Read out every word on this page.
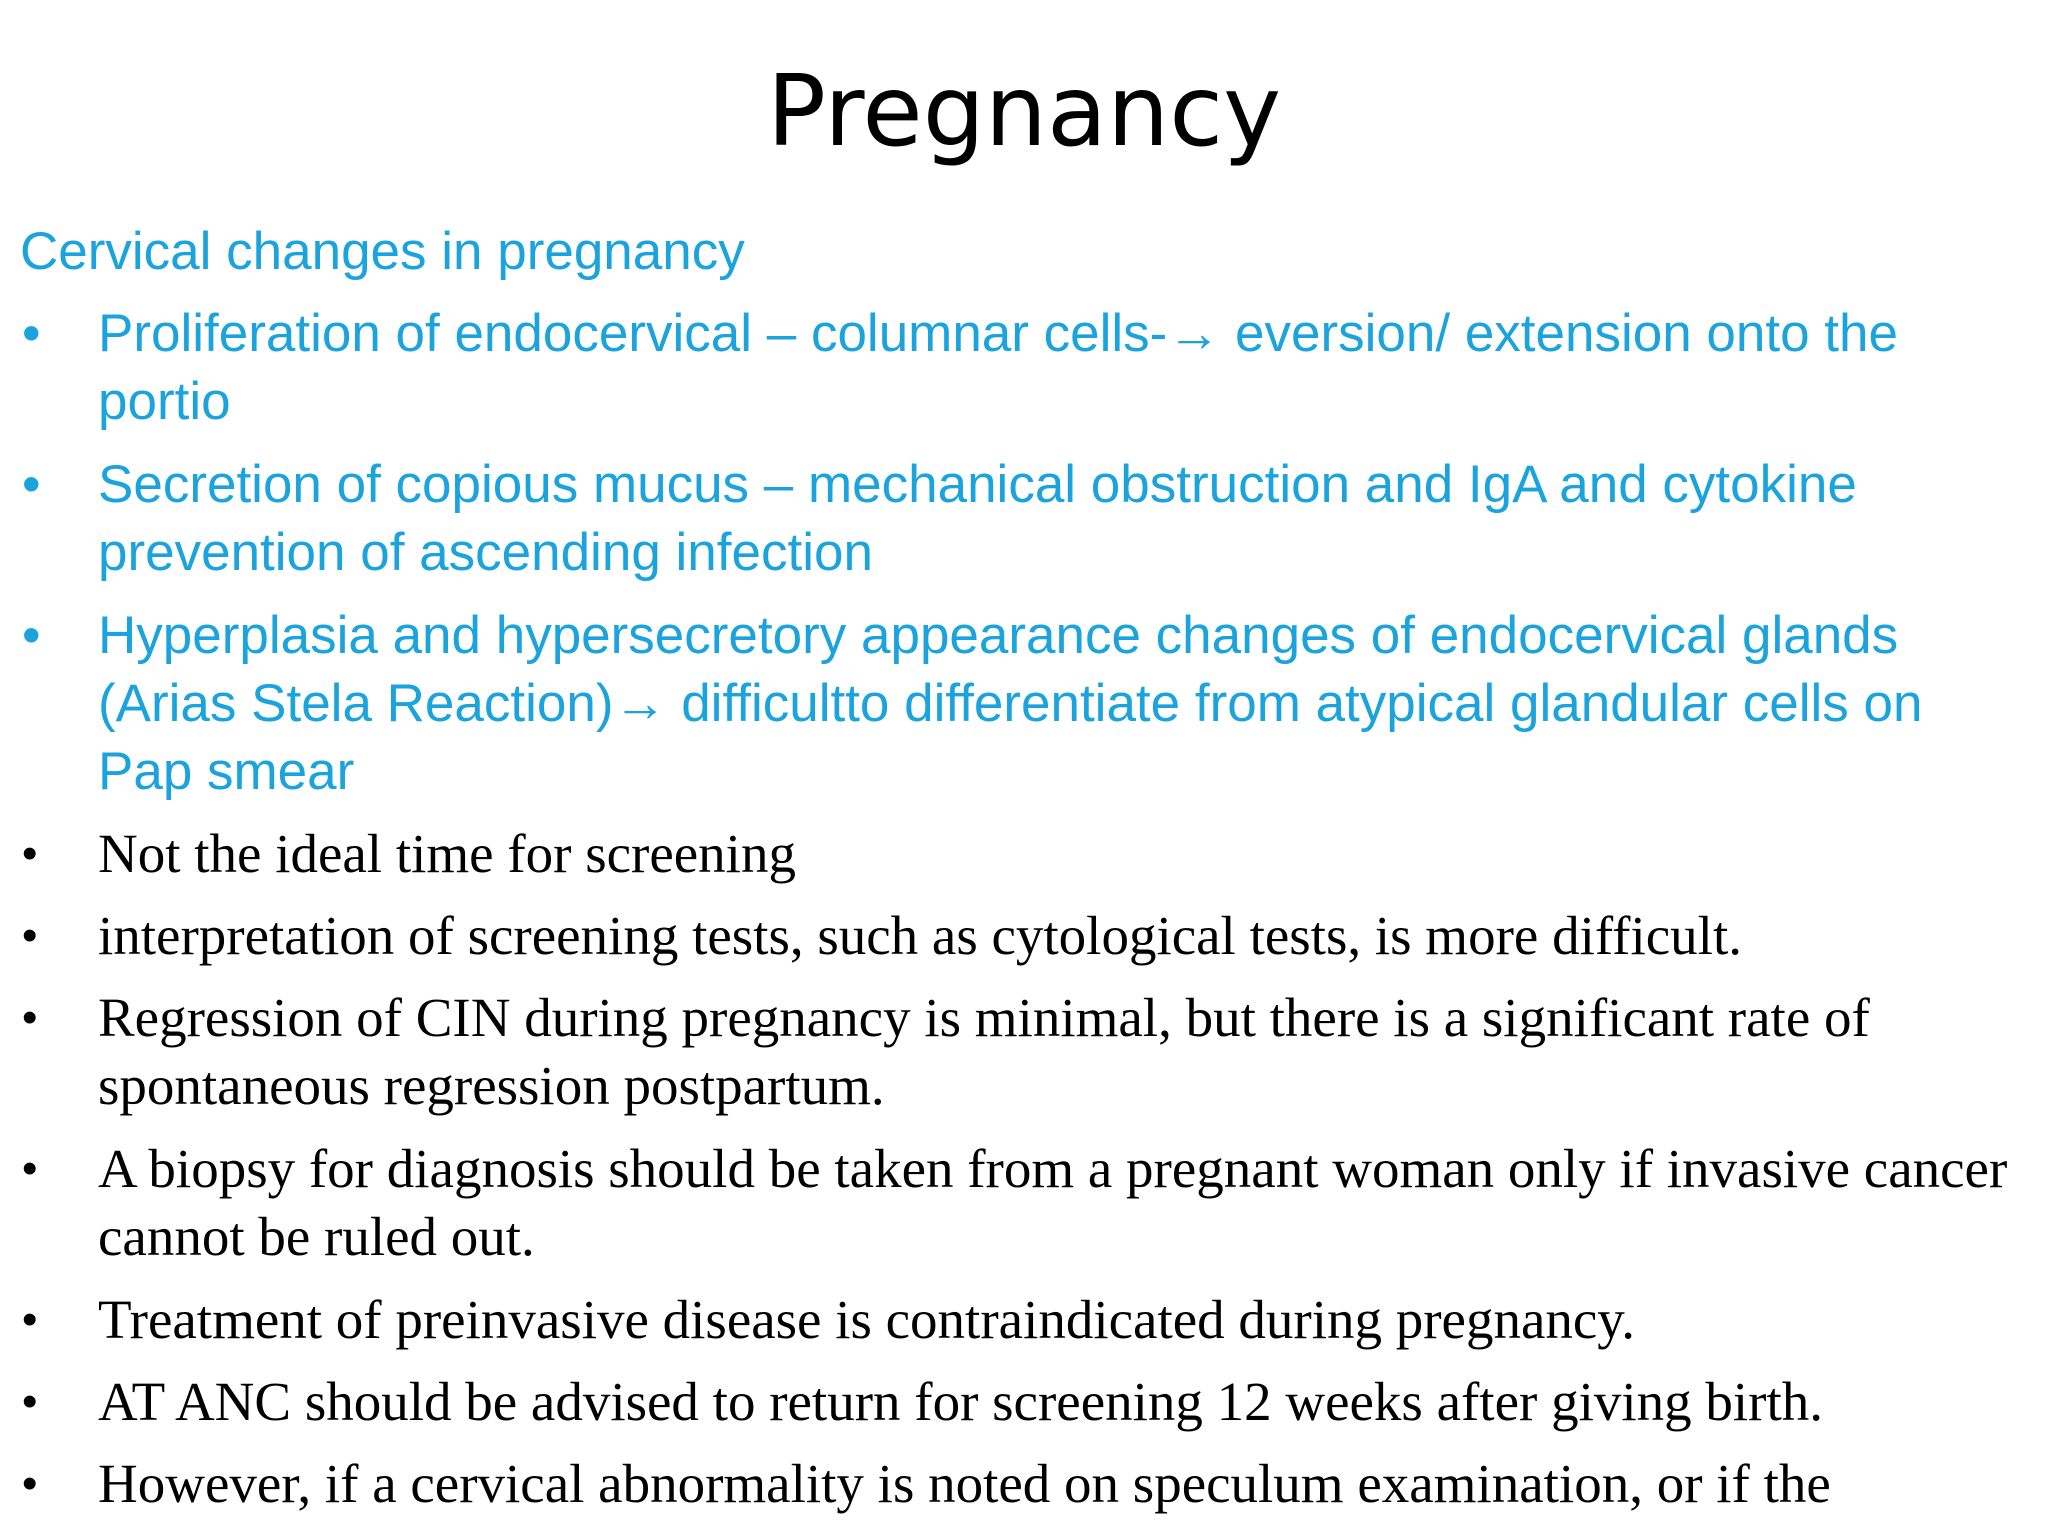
Pregnancy
Cervical changes in pregnancy
• Proliferation of endocervical – columnar cells-→ eversion/ extension onto the portio
• Secretion of copious mucus – mechanical obstruction and IgA and cytokine prevention of ascending infection
• Hyperplasia and hypersecretory appearance changes of endocervical glands (Arias Stela Reaction)→ difficultto differentiate from atypical glandular cells on Pap smear
• Not the ideal time for screening
• interpretation of screening tests, such as cytological tests, is more difficult.
• Regression of CIN during pregnancy is minimal, but there is a significant rate of spontaneous regression postpartum.
• A biopsy for diagnosis should be taken from a pregnant woman only if invasive cancer cannot be ruled out.
• Treatment of preinvasive disease is contraindicated during pregnancy.
• AT ANC should be advised to return for screening 12 weeks after giving birth.
• However, if a cervical abnormality is noted on speculum examination, or if the
